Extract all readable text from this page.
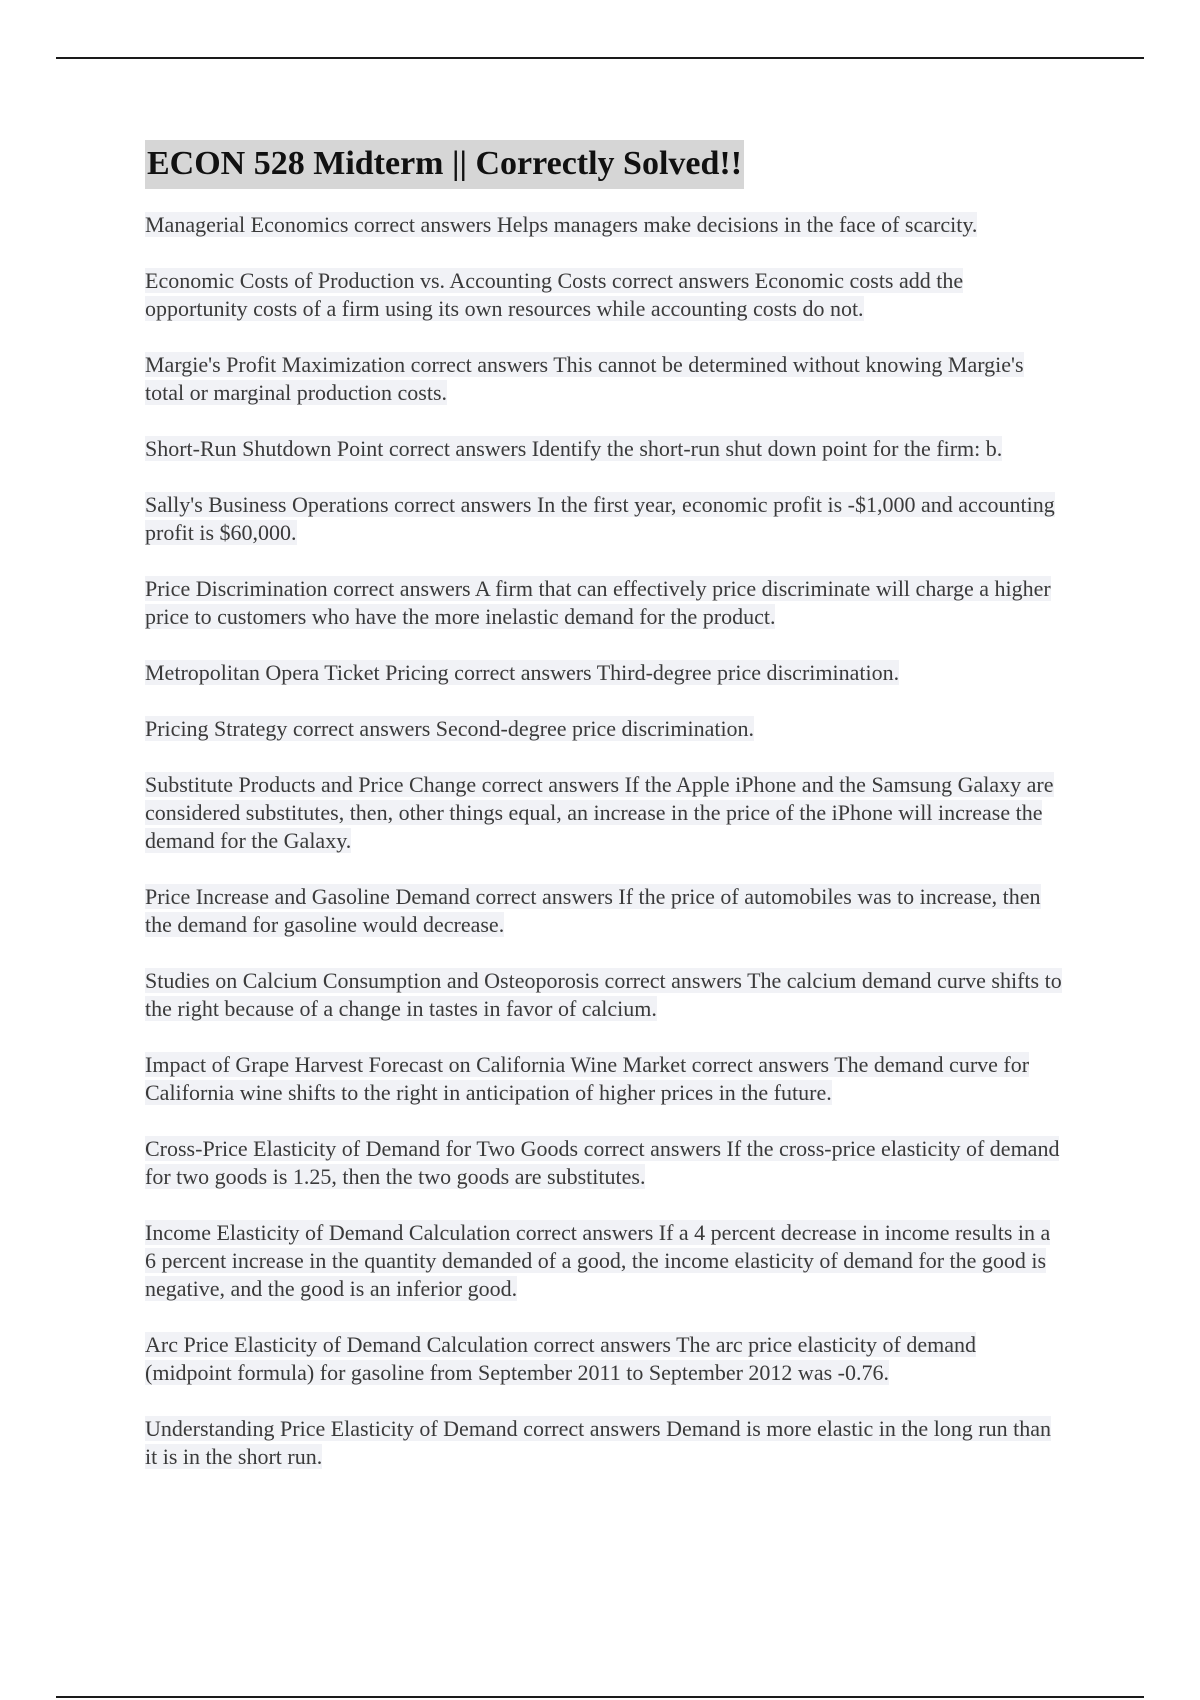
ECON 528 Midterm || Correctly Solved!!

Managerial Economics correct answers Helps managers make decisions in the face of scarcity.

Economic Costs of Production vs. Accounting Costs correct answers Economic costs add the opportunity costs of a firm using its own resources while accounting costs do not.

Margie's Profit Maximization correct answers This cannot be determined without knowing Margie's total or marginal production costs.

Short-Run Shutdown Point correct answers Identify the short-run shut down point for the firm: b.

Sally's Business Operations correct answers In the first year, economic profit is -$1,000 and accounting profit is $60,000.

Price Discrimination correct answers A firm that can effectively price discriminate will charge a higher price to customers who have the more inelastic demand for the product.

Metropolitan Opera Ticket Pricing correct answers Third-degree price discrimination.

Pricing Strategy correct answers Second-degree price discrimination.

Substitute Products and Price Change correct answers If the Apple iPhone and the Samsung Galaxy are considered substitutes, then, other things equal, an increase in the price of the iPhone will increase the demand for the Galaxy.

Price Increase and Gasoline Demand correct answers If the price of automobiles was to increase, then the demand for gasoline would decrease.

Studies on Calcium Consumption and Osteoporosis correct answers The calcium demand curve shifts to the right because of a change in tastes in favor of calcium.

Impact of Grape Harvest Forecast on California Wine Market correct answers The demand curve for California wine shifts to the right in anticipation of higher prices in the future.

Cross-Price Elasticity of Demand for Two Goods correct answers If the cross-price elasticity of demand for two goods is 1.25, then the two goods are substitutes.

Income Elasticity of Demand Calculation correct answers If a 4 percent decrease in income results in a 6 percent increase in the quantity demanded of a good, the income elasticity of demand for the good is negative, and the good is an inferior good.

Arc Price Elasticity of Demand Calculation correct answers The arc price elasticity of demand (midpoint formula) for gasoline from September 2011 to September 2012 was -0.76.

Understanding Price Elasticity of Demand correct answers Demand is more elastic in the long run than it is in the short run.
